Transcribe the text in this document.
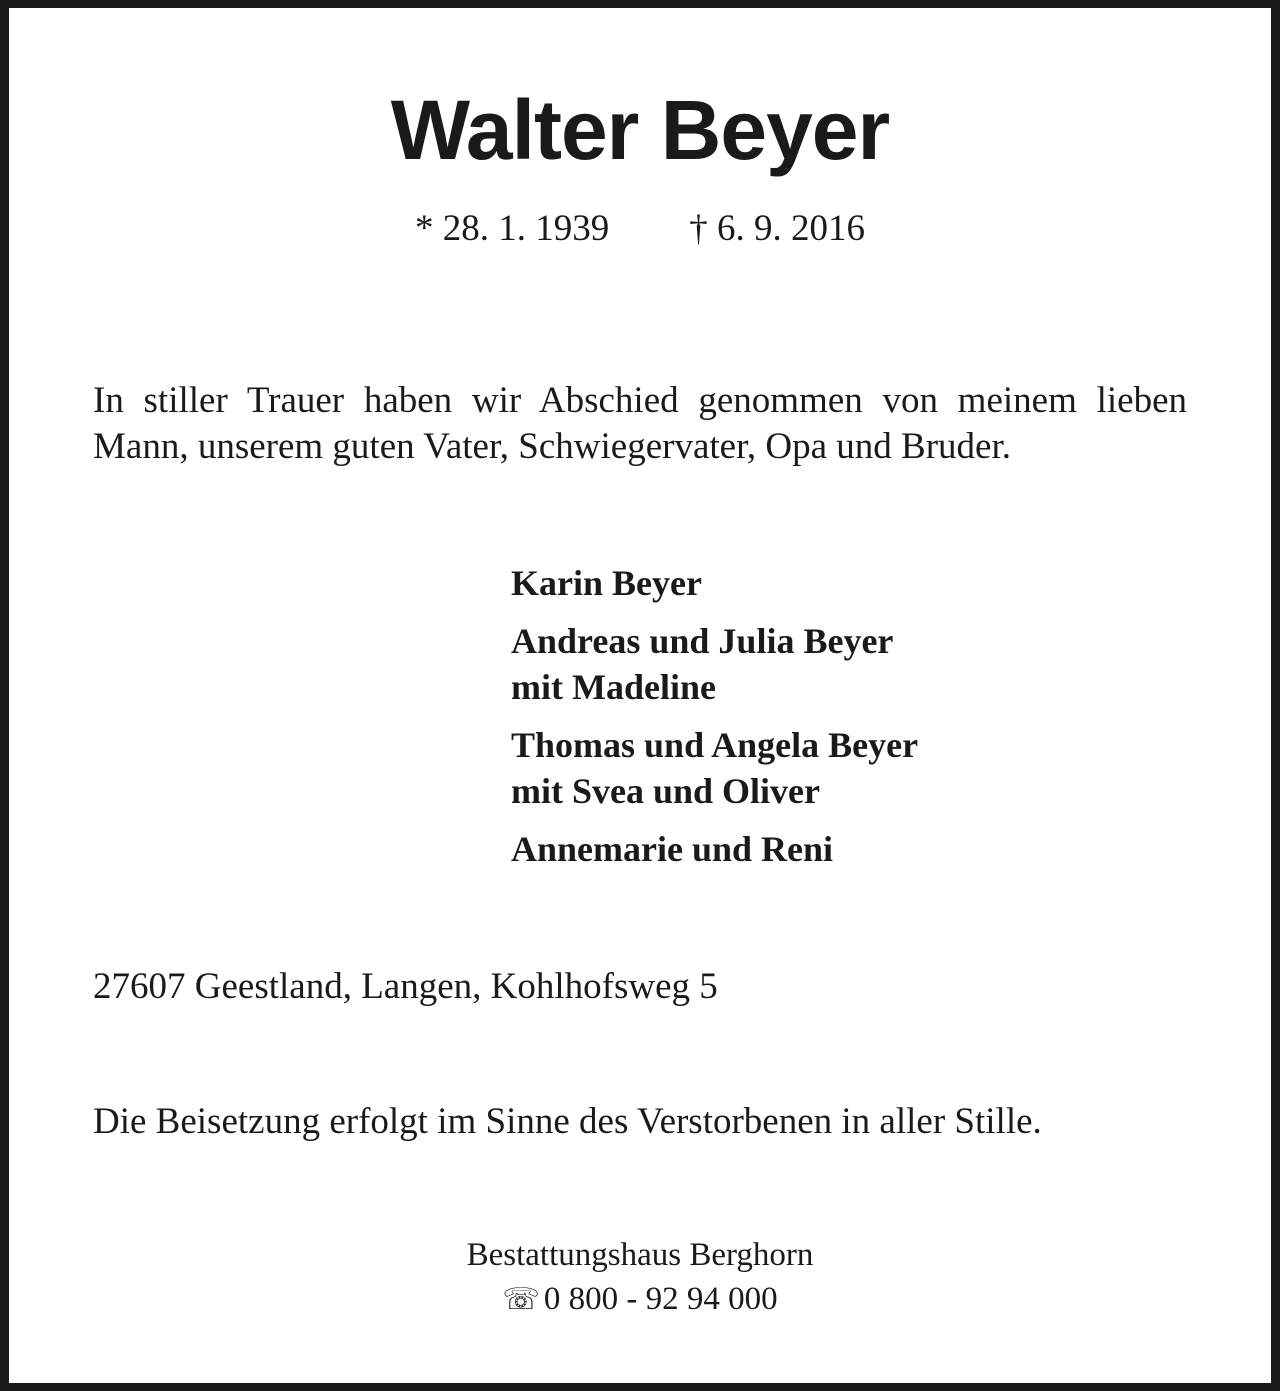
Walter Beyer
* 28. 1. 1939 † 6. 9. 2016
In stiller Trauer haben wir Abschied genommen von meinem lieben Mann, unserem guten Vater, Schwiegervater, Opa und Bruder.
Karin Beyer
Andreas und Julia Beyer
mit Madeline
Thomas und Angela Beyer
mit Svea und Oliver
Annemarie und Reni
27607 Geestland, Langen, Kohlhofsweg 5
Die Beisetzung erfolgt im Sinne des Verstorbenen in aller Stille.
Bestattungshaus Berghorn
☏ 0 800 - 92 94 000
